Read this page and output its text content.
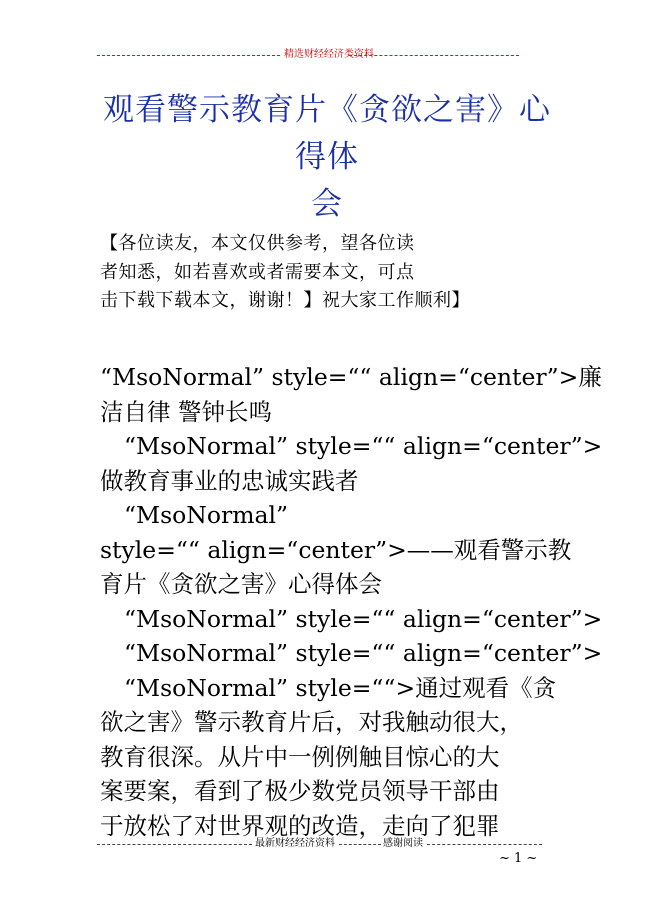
精选财经经济类资料
观看警示教育片《贪欲之害》心得体
会
【各位读友，本文仅供参考，望各位读
者知悉，如若喜欢或者需要本文，可点
击下载下载本文，谢谢！】祝大家工作顺利】
“MsoNormal” style=““ align=“center”>廉
洁自律 警钟长鸣
“MsoNormal” style=““ align=“center”>
做教育事业的忠诚实践者
“MsoNormal”
style=““ align=“center”>——观看警示教
育片《贪欲之害》心得体会
“MsoNormal” style=““ align=“center”>
“MsoNormal” style=““ align=“center”>
“MsoNormal” style=““>通过观看《贪
欲之害》警示教育片后，对我触动很大，
教育很深。从片中一例例触目惊心的大
案要案，看到了极少数党员领导干部由
于放松了对世界观的改造，走向了犯罪
最新财经经济资料	感谢阅读
~ 1 ~
